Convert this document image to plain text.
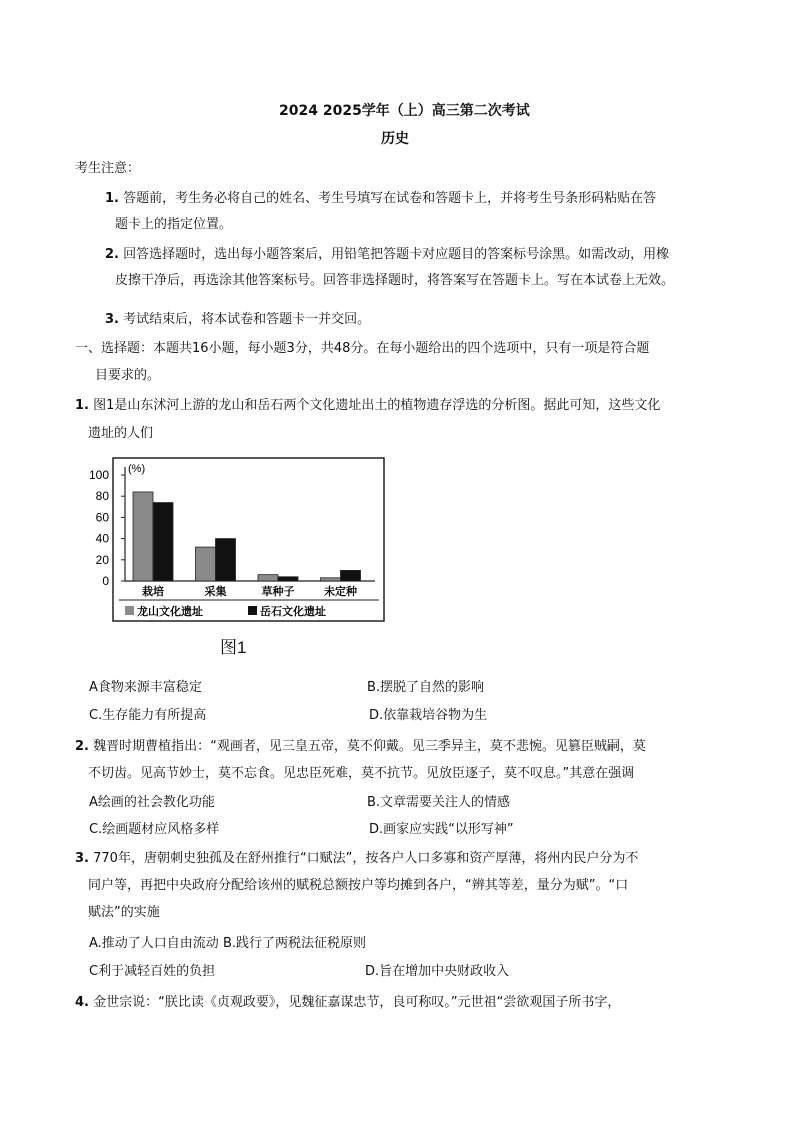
2024 2025学年（上）高三第二次考试
历史
考生注意：
1. 答题前，考生务必将自己的姓名、考生号填写在试卷和答题卡上，并将考生号条形码粘贴在答
题卡上的指定位置。
2. 回答选择题时，选出每小题答案后，用铅笔把答题卡对应题目的答案标号涂黑。如需改动，用橡
皮擦干净后，再选涂其他答案标号。回答非选择题时，将答案写在答题卡上。写在本试卷上无效。
3. 考试结束后，将本试卷和答题卡一并交回。
一、选择题：本题共16小题，每小题3分，共48分。在每小题给出的四个选项中，只有一项是符合题
目要求的。
1. 图1是山东沭河上游的龙山和岳石两个文化遗址出土的植物遗存浮选的分析图。据此可知，这些文化
遗址的人们
(%)
100
80
60
40
20
0
栽培	采集	草种子	未定种
龙山文化遗址	岳石文化遗址
图1
A食物来源丰富稳定	B.摆脱了自然的影响
C.生存能力有所提高	D.依靠栽培谷物为生
2. 魏晋时期曹植指出：“观画者，见三皇五帝，莫不仰戴。见三季异主，莫不悲惋。见篡臣贼嗣，莫
不切齿。见高节妙士，莫不忘食。见忠臣死难，莫不抗节。见放臣逐子，莫不叹息。”其意在强调
A绘画的社会教化功能	B.文章需要关注人的情感
C.绘画题材应风格多样	D.画家应实践“以形写神”
3. 770年，唐朝刺史独孤及在舒州推行“口赋法”，按各户人口多寡和资产厚薄，将州内民户分为不
同户等，再把中央政府分配给该州的赋税总额按户等均摊到各户，“辨其等差，量分为赋”。“口
赋法”的实施
A.推动了人口自由流动 B.践行了两税法征税原则
C利于减轻百姓的负担	D.旨在增加中央财政收入
4. 金世宗说：“朕比读《贞观政要》，见魏征嘉谋忠节，良可称叹。”元世祖“尝欲观国子所书字，
